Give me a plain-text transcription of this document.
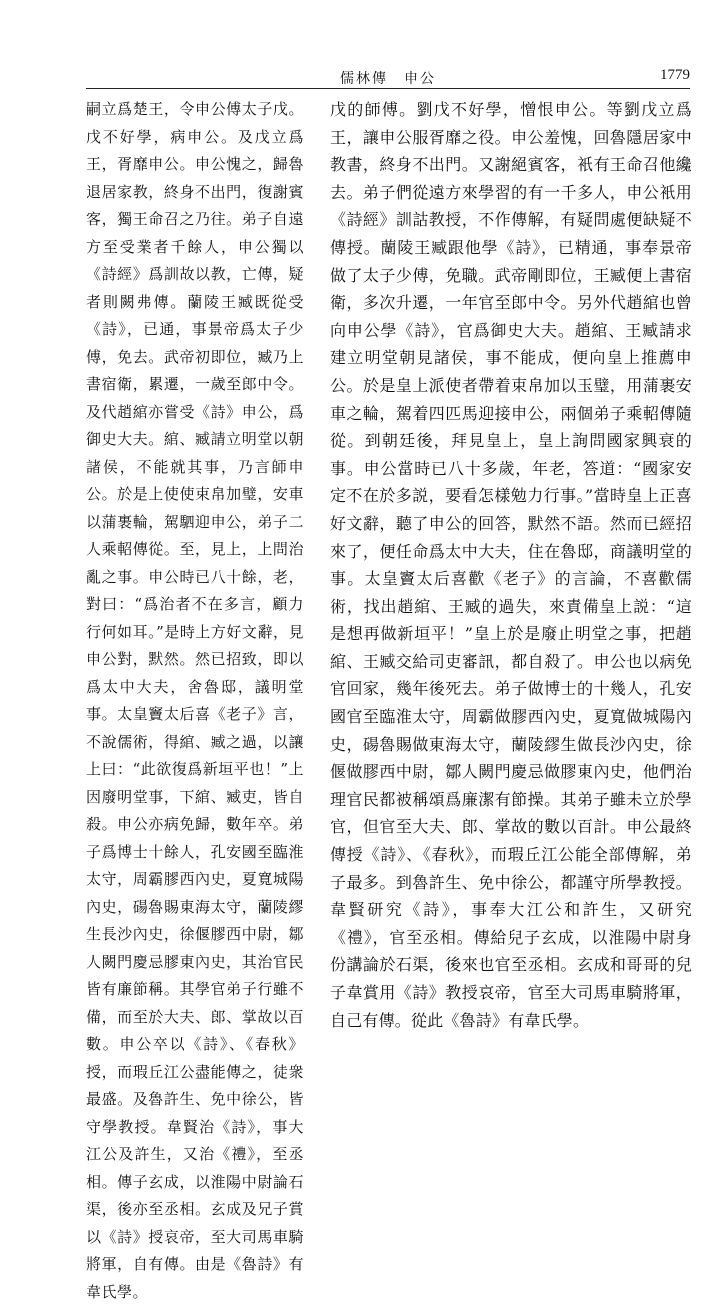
儒林傳　申公	1779

嗣立爲楚王，令申公傅太子戊。戊不好學，病申公。及戊立爲王，胥靡申公。申公愧之，歸魯退居家教，終身不出門，復謝賓客，獨王命召之乃往。弟子自遠方至受業者千餘人，申公獨以《詩經》爲訓故以教，亡傳，疑者則闕弗傳。蘭陵王臧既從受《詩》，已通，事景帝爲太子少傅，免去。武帝初即位，臧乃上書宿衛，累遷，一歲至郎中令。及代趙綰亦嘗受《詩》申公，爲御史大夫。綰、臧請立明堂以朝諸侯，不能就其事，乃言師申公。於是上使使束帛加璧，安車以蒲裹輪，駕駟迎申公，弟子二人乘軺傳從。至，見上，上問治亂之事。申公時已八十餘，老，對曰：“爲治者不在多言，顧力行何如耳。”是時上方好文辭，見申公對，默然。然已招致，即以爲太中大夫，舍魯邸，議明堂事。太皇竇太后喜《老子》言，不說儒術，得綰、臧之過，以讓上曰：“此欲復爲新垣平也！”上因廢明堂事，下綰、臧吏，皆自殺。申公亦病免歸，數年卒。弟子爲博士十餘人，孔安國至臨淮太守，周霸膠西內史，夏寬城陽內史，碭魯賜東海太守，蘭陵繆生長沙內史，徐偃膠西中尉，鄒人闕門慶忌膠東內史，其治官民皆有廉節稱。其學官弟子行雖不備，而至於大夫、郎、掌故以百數。申公卒以《詩》、《春秋》授，而瑕丘江公盡能傳之，徒衆最盛。及魯許生、免中徐公，皆守學教授。韋賢治《詩》，事大江公及許生，又治《禮》，至丞相。傳子玄成，以淮陽中尉論石渠，後亦至丞相。玄成及兄子賞以《詩》授哀帝，至大司馬車騎將軍，自有傳。由是《魯詩》有韋氏學。

戊的師傅。劉戊不好學，憎恨申公。等劉戊立爲王，讓申公服胥靡之役。申公羞愧，回魯隱居家中教書，終身不出門。又謝絕賓客，衹有王命召他纔去。弟子們從遠方來學習的有一千多人，申公衹用《詩經》訓詁教授，不作傳解，有疑問處便缺疑不傳授。蘭陵王臧跟他學《詩》，已精通，事奉景帝做了太子少傅，免職。武帝剛即位，王臧便上書宿衛，多次升遷，一年官至郎中令。另外代趙綰也曾向申公學《詩》，官爲御史大夫。趙綰、王臧請求建立明堂朝見諸侯，事不能成，便向皇上推薦申公。於是皇上派使者帶着束帛加以玉璧，用蒲裹安車之輪，駕着四匹馬迎接申公，兩個弟子乘軺傳隨從。到朝廷後，拜見皇上，皇上詢問國家興衰的事。申公當時已八十多歲，年老，答道：“國家安定不在於多説，要看怎樣勉力行事。”當時皇上正喜好文辭，聽了申公的回答，默然不語。然而已經招來了，便任命爲太中大夫，住在魯邸，商議明堂的事。太皇竇太后喜歡《老子》的言論，不喜歡儒術，找出趙綰、王臧的過失，來責備皇上説：“這是想再做新垣平！”皇上於是廢止明堂之事，把趙綰、王臧交給司吏審訊，都自殺了。申公也以病免官回家，幾年後死去。弟子做博士的十幾人，孔安國官至臨淮太守，周霸做膠西內史，夏寬做城陽內史，碭魯賜做東海太守，蘭陵繆生做長沙內史，徐偃做膠西中尉，鄒人闕門慶忌做膠東內史，他們治理官民都被稱頌爲廉潔有節操。其弟子雖未立於學官，但官至大夫、郎、掌故的數以百計。申公最終傳授《詩》、《春秋》，而瑕丘江公能全部傳解，弟子最多。到魯許生、免中徐公，都謹守所學教授。韋賢研究《詩》，事奉大江公和許生，又研究《禮》，官至丞相。傳給兒子玄成，以淮陽中尉身份講論於石渠，後來也官至丞相。玄成和哥哥的兒子韋賞用《詩》教授哀帝，官至大司馬車騎將軍，自己有傳。從此《魯詩》有韋氏學。
